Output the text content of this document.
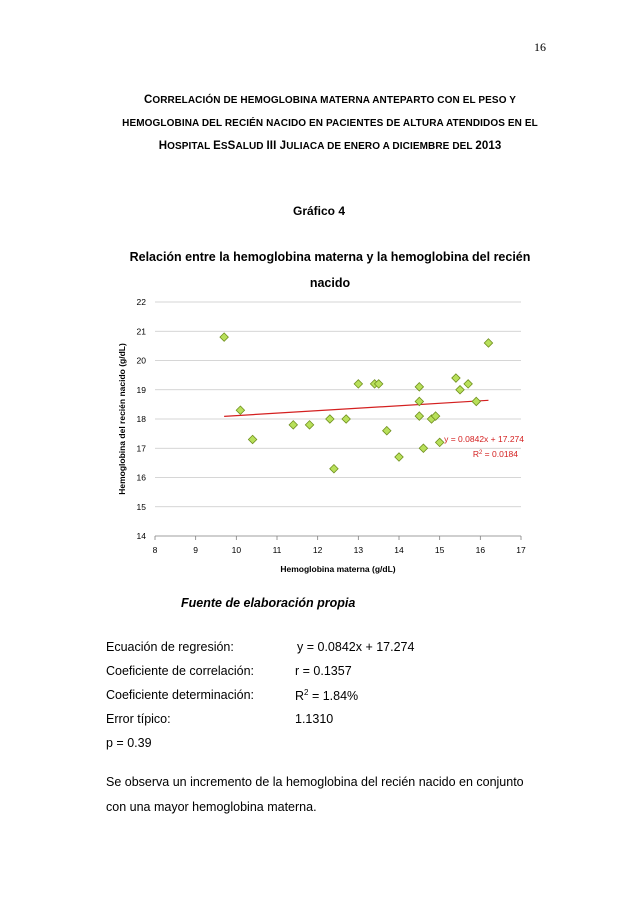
16
CORRELACIÓN DE HEMOGLOBINA MATERNA ANTEPARTO CON EL PESO Y
HEMOGLOBINA DEL RECIÉN NACIDO EN PACIENTES DE ALTURA ATENDIDOS EN EL
HOSPITAL ESSALUD III JULIACA DE ENERO A DICIEMBRE DEL 2013
Gráfico 4
Relación entre la hemoglobina materna y la hemoglobina del recién nacido
14
15
16
17
18
19
20
21
22
8	9	10	11	12	13	14	15	16	17
Hemoglobina del recién nacido (g/dL)
Hemoglobina materna (g/dL)
y = 0.0842x + 17.274
$R^2 = 0.0184$
Fuente de elaboración propia
Ecuación de regresión:	y = 0.0842x + 17.274
Coeficiente de correlación:	r = 0.1357
Coeficiente determinación:	$R^2 = 1.84\%$
Error típico:	1.1310
p = 0.39
Se observa un incremento de la hemoglobina del recién nacido en conjunto con una mayor hemoglobina materna.
